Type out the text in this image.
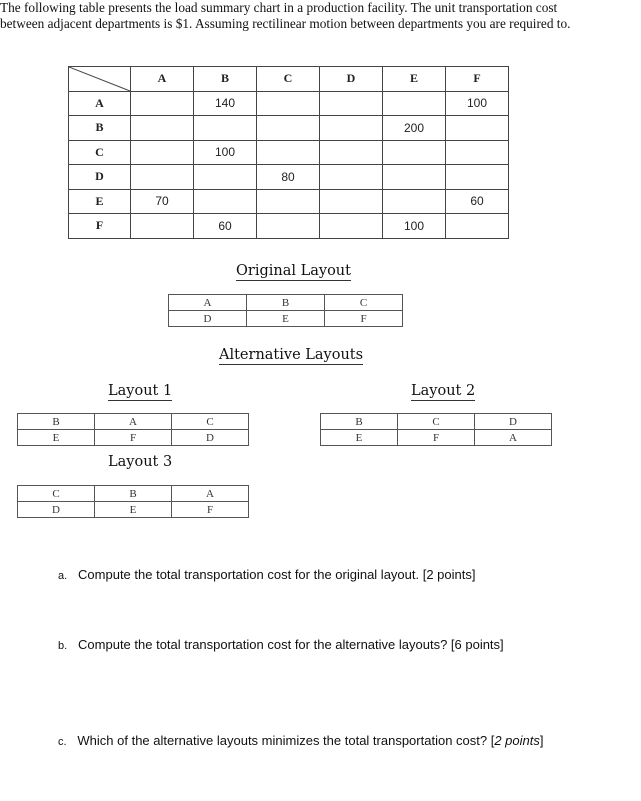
The following table presents the load summary chart in a production facility. The unit transportation cost between adjacent departments is $1. Assuming rectilinear motion between departments you are required to.
	A	B	C	D	E	F
A		140				100
B					200	
C		100				
D			80			
E	70					60
F		60			100	
Original Layout
A	B	C
D	E	F
Alternative Layouts
Layout 1
B	A	C
E	F	D
Layout 2
B	C	D
E	F	A
Layout 3
C	B	A
D	E	F
a. Compute the total transportation cost for the original layout. [2 points]
b. Compute the total transportation cost for the alternative layouts? [6 points]
c. Which of the alternative layouts minimizes the total transportation cost? [2 points]
